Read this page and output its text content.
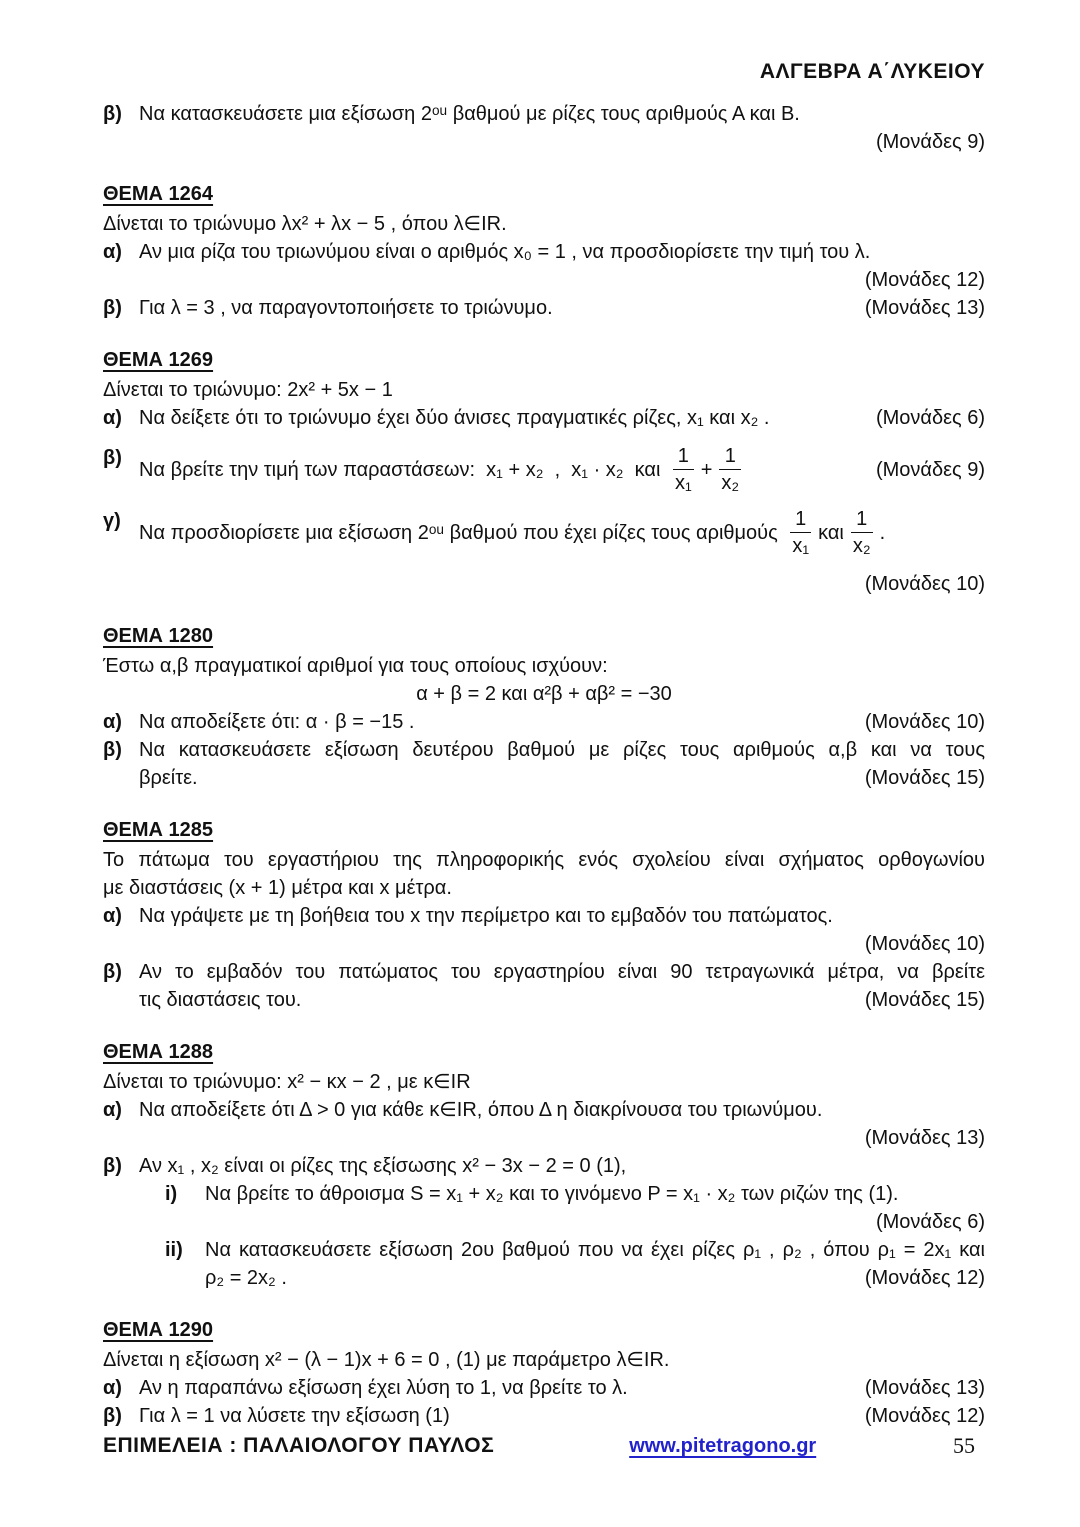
ΑΛΓΕΒΡΑ Α΄ΛΥΚΕΙΟΥ
β) Να κατασκευάσετε μια εξίσωση 2ᵒᵘ βαθμού με ρίζες τους αριθμούς Α και Β.
(Μονάδες 9)
ΘΕΜΑ 1264
Δίνεται το τριώνυμο λx² + λx − 5 , όπου λ∈IR.
α) Αν μια ρίζα του τριωνύμου είναι ο αριθμός x₀ = 1 , να προσδιορίσετε την τιμή του λ.
(Μονάδες 12)
β) Για λ = 3 , να παραγοντοποιήσετε το τριώνυμο.	(Μονάδες 13)
ΘΕΜΑ 1269
Δίνεται το τριώνυμο: 2x² + 5x − 1
α) Να δείξετε ότι το τριώνυμο έχει δύο άνισες πραγματικές ρίζες, x₁ και x₂ .	(Μονάδες 6)
β)
Να βρείτε την τιμή των παραστάσεων:  x₁ + x₂  ,  x₁ · x₂  και $\frac{1}{\text{x₁}} + \frac{1}{\text{x₂}}$	(Μονάδες 9)
γ)
Να προσδιορίσετε μια εξίσωση 2ᵒᵘ βαθμού που έχει ρίζες τους αριθμούς $\frac{1}{\text{x₁}}$ και $\frac{1}{\text{x₂}}$ .
(Μονάδες 10)
ΘΕΜΑ 1280
Έστω α,β πραγματικοί αριθμοί για τους οποίους ισχύουν:
α + β = 2 και α²β + αβ² = −30
α) Να αποδείξετε ότι: α · β = −15 .	(Μονάδες 10)
β) Να κατασκευάσετε εξίσωση δευτέρου βαθμού με ρίζες τους αριθμούς α,β και να τους
βρείτε.	(Μονάδες 15)
ΘΕΜΑ 1285
Το πάτωμα του εργαστήριου της πληροφορικής ενός σχολείου είναι σχήματος ορθογωνίου
με διαστάσεις (x + 1) μέτρα και x μέτρα.
α) Να γράψετε με τη βοήθεια του x την περίμετρο και το εμβαδόν του πατώματος.
(Μονάδες 10)
β) Αν το εμβαδόν του πατώματος του εργαστηρίου είναι 90 τετραγωνικά μέτρα, να βρείτε
τις διαστάσεις του.	(Μονάδες 15)
ΘΕΜΑ 1288
Δίνεται το τριώνυμο: x² − κx − 2 , με κ∈IR
α) Να αποδείξετε ότι Δ > 0 για κάθε κ∈IR, όπου Δ η διακρίνουσα του τριωνύμου.
(Μονάδες 13)
β) Αν x₁ , x₂ είναι οι ρίζες της εξίσωσης x² − 3x − 2 = 0 (1),
i)	Να βρείτε το άθροισμα S = x₁ + x₂ και το γινόμενο P = x₁ · x₂ των ριζών της (1).
(Μονάδες 6)
ii)	Να κατασκευάσετε εξίσωση 2ου βαθμού που να έχει ρίζες ρ₁ , ρ₂ , όπου ρ₁ = 2x₁ και
ρ₂ = 2x₂ .	(Μονάδες 12)
ΘΕΜΑ 1290
Δίνεται η εξίσωση x² − (λ − 1)x + 6 = 0 , (1) με παράμετρο λ∈IR.
α) Αν η παραπάνω εξίσωση έχει λύση το 1, να βρείτε το λ.	(Μονάδες 13)
β) Για λ = 1 να λύσετε την εξίσωση (1)	(Μονάδες 12)
ΕΠΙΜΕΛΕΙΑ : ΠΑΛΑΙΟΛΟΓΟΥ ΠΑΥΛΟΣ	www.pitetragono.gr	55
